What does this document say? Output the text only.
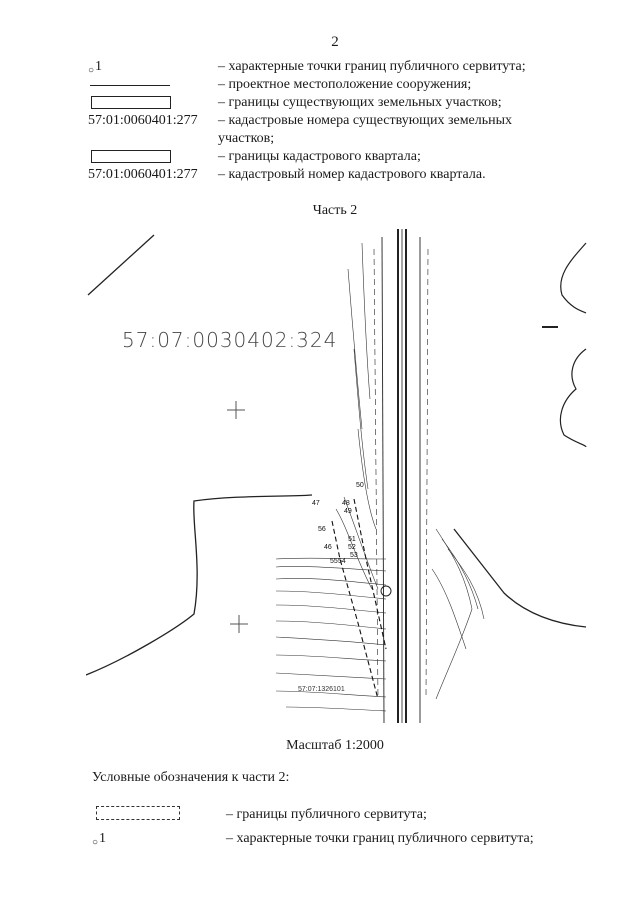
2
$_○$1	– характерные точки границ публичного сервитута;
– проектное местоположение сооружения;
– границы существующих земельных участков;
57:01:0060401:277	– кадастровые номера существующих земельных участков;
– границы кадастрового квартала;
57:01:0060401:277	– кадастровый номер кадастрового квартала.
Часть 2
56
47	48
49
50
51
52
53
54
55
46
57:07:0030402:324
57:07:1326101
Масштаб 1:2000
Условные обозначения к части 2:
– границы публичного сервитута;
$_○$1	– характерные точки границ публичного сервитута;
